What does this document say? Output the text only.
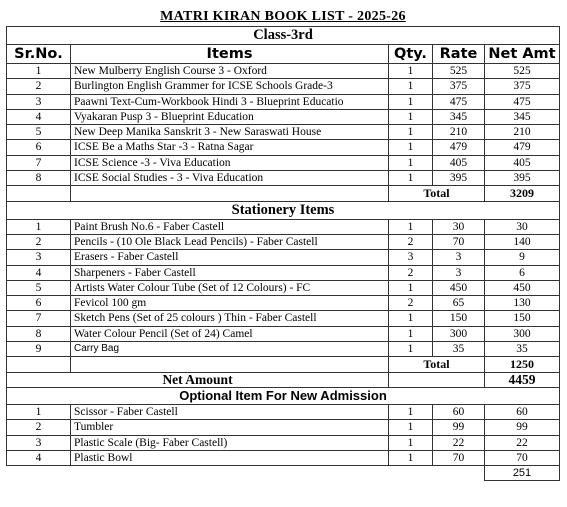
MATRI KIRAN BOOK LIST - 2025-26				
Class-3rd				
Sr.No.	Items	Qty.	Rate	Net Amt
1	New Mulberry English Course 3 - Oxford	1	525	525
2	Burlington English Grammer for ICSE Schools Grade-3	1	375	375
3	Paawni Text-Cum-Workbook Hindi 3 - Blueprint Educatio	1	475	475
4	Vyakaran Pusp 3 - Blueprint Education	1	345	345
5	New Deep Manika Sanskrit 3 - New Saraswati House	1	210	210
6	ICSE Be a Maths Star -3 - Ratna Sagar	1	479	479
7	ICSE Science -3 - Viva Education	1	405	405
8	ICSE Social Studies - 3 - Viva Education	1	395	395
		Total		3209
Stationery Items				
1	Paint Brush No.6 - Faber Castell	1	30	30
2	Pencils - (10 Ole Black Lead Pencils) - Faber Castell	2	70	140
3	Erasers - Faber Castell	3	3	9
4	Sharpeners - Faber Castell	2	3	6
5	Artists Water Colour Tube (Set of 12 Colours) - FC	1	450	450
6	Fevicol 100 gm	2	65	130
7	Sketch Pens (Set of 25 colours ) Thin - Faber Castell	1	150	150
8	Water Colour Pencil (Set of 24) Camel	1	300	300
9	Carry Bag	1	35	35
		Total		1250
Net Amount				4459
Optional Item For New Admission				
1	Scissor - Faber Castell	1	60	60
2	Tumbler	1	99	99
3	Plastic Scale (Big- Faber Castell)	1	22	22
4	Plastic Bowl	1	70	70
				251
